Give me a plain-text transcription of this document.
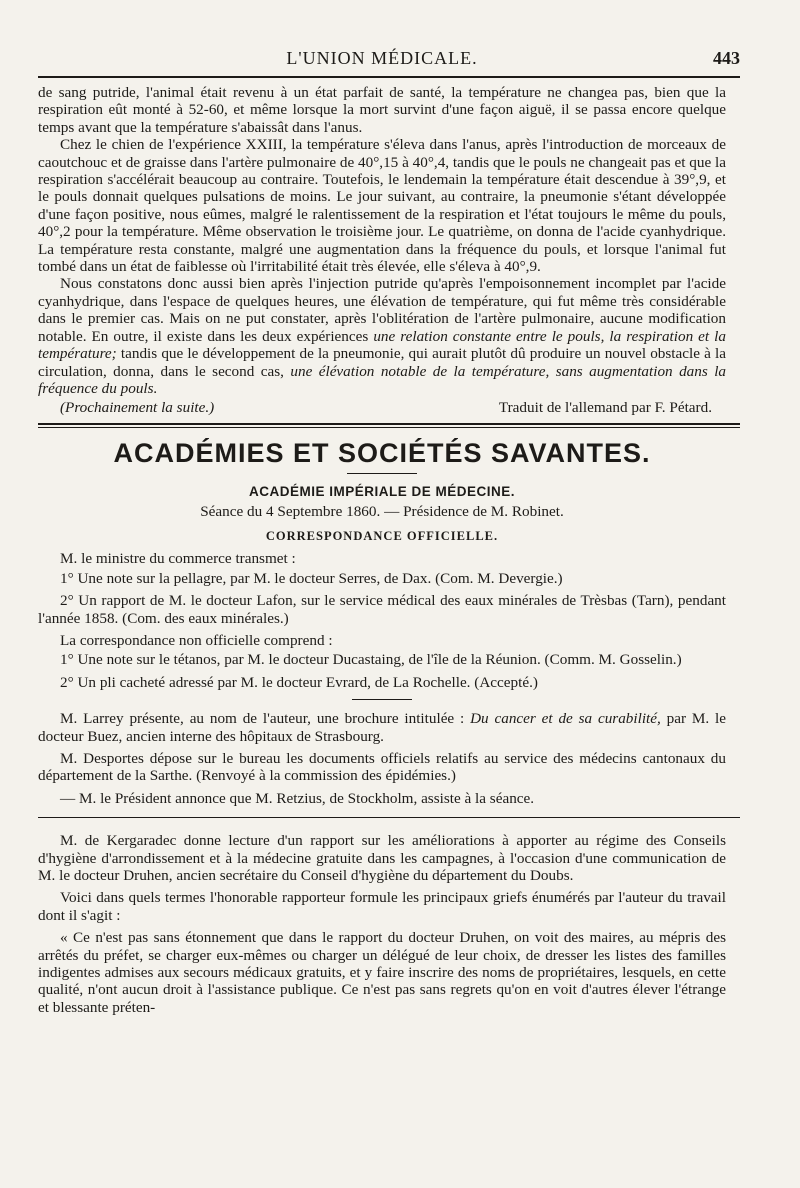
L'UNION MÉDICALE.	443

de sang putride, l'animal était revenu à un état parfait de santé, la température ne changea pas, bien que la respiration eût monté à 52-60, et même lorsque la mort survint d'une façon aiguë, il se passa encore quelque temps avant que la température s'abaissât dans l'anus.

Chez le chien de l'expérience XXIII, la température s'éleva dans l'anus, après l'introduction de morceaux de caoutchouc et de graisse dans l'artère pulmonaire de 40°,15 à 40°,4, tandis que le pouls ne changeait pas et que la respiration s'accélérait beaucoup au contraire. Toutefois, le lendemain la température était descendue à 39°,9, et le pouls donnait quelques pulsations de moins. Le jour suivant, au contraire, la pneumonie s'étant développée d'une façon positive, nous eûmes, malgré le ralentissement de la respiration et l'état toujours le même du pouls, 40°,2 pour la température. Même observation le troisième jour. Le quatrième, on donna de l'acide cyanhydrique. La température resta constante, malgré une augmentation dans la fréquence du pouls, et lorsque l'animal fut tombé dans un état de faiblesse où l'irritabilité était très élevée, elle s'éleva à 40°,9.

Nous constatons donc aussi bien après l'injection putride qu'après l'empoisonnement incomplet par l'acide cyanhydrique, dans l'espace de quelques heures, une élévation de température, qui fut même très considérable dans le premier cas. Mais on ne put constater, après l'oblitération de l'artère pulmonaire, aucune modification notable. En outre, il existe dans les deux expériences une relation constante entre le pouls, la respiration et la température; tandis que le développement de la pneumonie, qui aurait plutôt dû produire un nouvel obstacle à la circulation, donna, dans le second cas, une élévation notable de la température, sans augmentation dans la fréquence du pouls.

(Prochainement la suite.)	Traduit de l'allemand par F. Pétard.
ACADÉMIES ET SOCIÉTÉS SAVANTES.
ACADÉMIE IMPÉRIALE DE MÉDECINE.
Séance du 4 Septembre 1860. — Présidence de M. Robinet.
CORRESPONDANCE OFFICIELLE.

M. le ministre du commerce transmet :

1° Une note sur la pellagre, par M. le docteur Serres, de Dax. (Com. M. Devergie.)

2° Un rapport de M. le docteur Lafon, sur le service médical des eaux minérales de Trèsbas (Tarn), pendant l'année 1858. (Com. des eaux minérales.)

La correspondance non officielle comprend :

1° Une note sur le tétanos, par M. le docteur Ducastaing, de l'île de la Réunion. (Comm. M. Gosselin.)

2° Un pli cacheté adressé par M. le docteur Evrard, de La Rochelle. (Accepté.)

M. Larrey présente, au nom de l'auteur, une brochure intitulée : Du cancer et de sa curabilité, par M. le docteur Buez, ancien interne des hôpitaux de Strasbourg.

M. Desportes dépose sur le bureau les documents officiels relatifs au service des médecins cantonaux du département de la Sarthe. (Renvoyé à la commission des épidémies.)

— M. le Président annonce que M. Retzius, de Stockholm, assiste à la séance.

M. de Kergaradec donne lecture d'un rapport sur les améliorations à apporter au régime des Conseils d'hygiène d'arrondissement et à la médecine gratuite dans les campagnes, à l'occasion d'une communication de M. le docteur Druhen, ancien secrétaire du Conseil d'hygiène du département du Doubs.

Voici dans quels termes l'honorable rapporteur formule les principaux griefs énumérés par l'auteur du travail dont il s'agit :

« Ce n'est pas sans étonnement que dans le rapport du docteur Druhen, on voit des maires, au mépris des arrêtés du préfet, se charger eux-mêmes ou charger un délégué de leur choix, de dresser les listes des familles indigentes admises aux secours médicaux gratuits, et y faire inscrire des noms de propriétaires, lesquels, en cette qualité, n'ont aucun droit à l'assistance publique. Ce n'est pas sans regrets qu'on en voit d'autres élever l'étrange et blessante préten-
